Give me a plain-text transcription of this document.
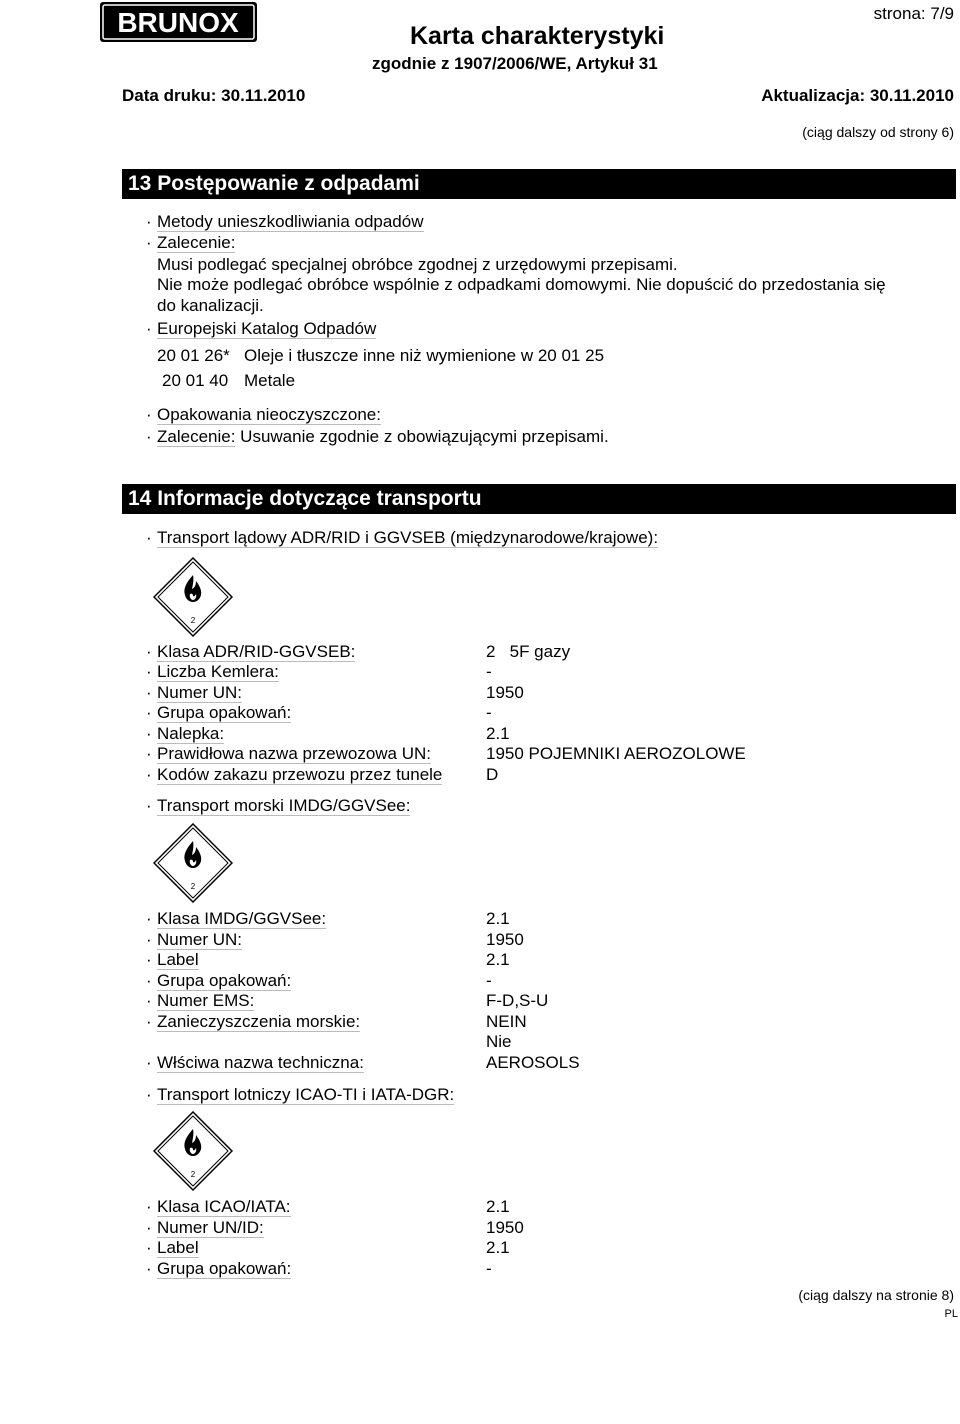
BRUNOX	strona: 7/9
Karta charakterystyki
zgodnie z 1907/2006/WE, Artykuł 31
Data druku: 30.11.2010	Aktualizacja: 30.11.2010
(ciąg dalszy od strony 6)
13 Postępowanie z odpadami
· Metody unieszkodliwiania odpadów
· Zalecenie:
Musi podlegać specjalnej obróbce zgodnej z urzędowymi przepisami.
Nie może podlegać obróbce wspólnie z odpadkami domowymi. Nie dopuścić do przedostania się
do kanalizacji.
· Europejski Katalog Odpadów
20 01 26* Oleje i tłuszcze inne niż wymienione w 20 01 25
20 01 40 Metale
· Opakowania nieoczyszczone:
· Zalecenie: Usuwanie zgodnie z obowiązującymi przepisami.
14 Informacje dotyczące transportu
· Transport lądowy ADR/RID i GGVSEB (międzynarodowe/krajowe):
2
· Klasa ADR/RID-GGVSEB:	2   5F gazy
· Liczba Kemlera:	-
· Numer UN:	1950
· Grupa opakowań:	-
· Nalepka:	2.1
· Prawidłowa nazwa przewozowa UN:	1950 POJEMNIKI AEROZOLOWE
· Kodów zakazu przewozu przez tunele	D
· Transport morski IMDG/GGVSee:
2
· Klasa IMDG/GGVSee:	2.1
· Numer UN:	1950
· Label	2.1
· Grupa opakowań:	-
· Numer EMS:	F-D,S-U
· Zanieczyszczenia morskie:	NEIN
Nie
· Włściwa nazwa techniczna:	AEROSOLS
· Transport lotniczy ICAO-TI i IATA-DGR:
2
· Klasa ICAO/IATA:	2.1
· Numer UN/ID:	1950
· Label	2.1
· Grupa opakowań:	-
(ciąg dalszy na stronie 8)
PL
